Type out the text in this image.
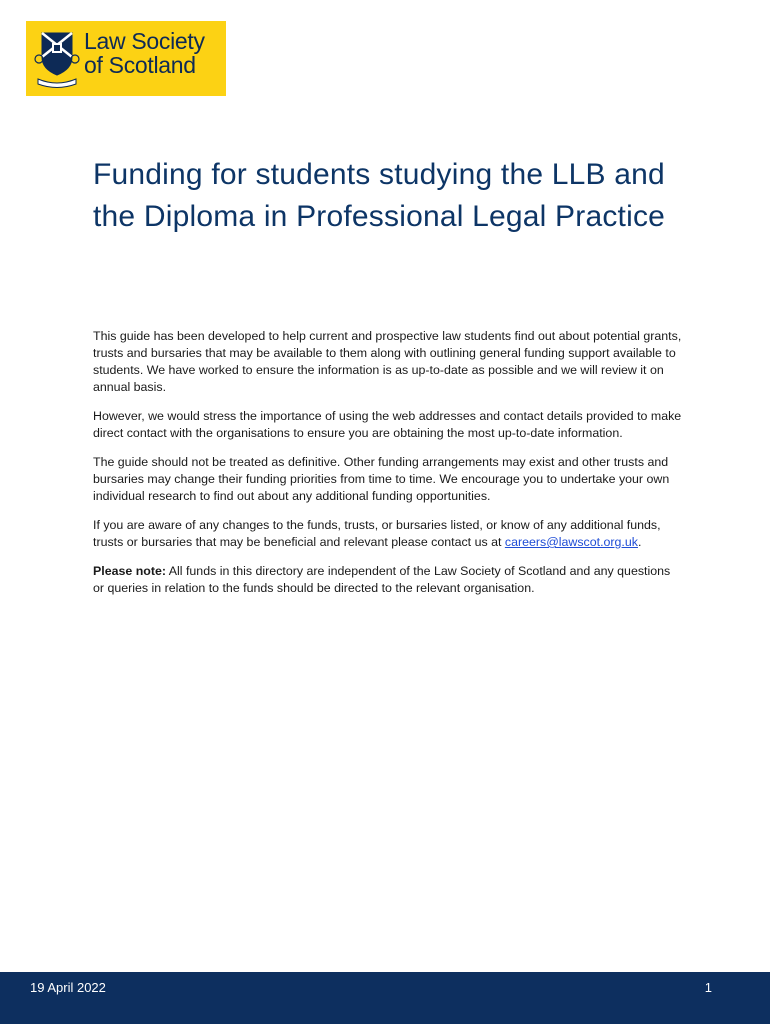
Law Society
of Scotland
Funding for students studying the LLB and the Diploma in Professional Legal Practice

This guide has been developed to help current and prospective law students find out about potential grants, trusts and bursaries that may be available to them along with outlining general funding support available to students. We have worked to ensure the information is as up-to-date as possible and we will review it on annual basis.

However, we would stress the importance of using the web addresses and contact details provided to make direct contact with the organisations to ensure you are obtaining the most up-to-date information.

The guide should not be treated as definitive. Other funding arrangements may exist and other trusts and bursaries may change their funding priorities from time to time. We encourage you to undertake your own individual research to find out about any additional funding opportunities.

If you are aware of any changes to the funds, trusts, or bursaries listed, or know of any additional funds, trusts or bursaries that may be beneficial and relevant please contact us at careers@lawscot.org.uk.

Please note: All funds in this directory are independent of the Law Society of Scotland and any questions or queries in relation to the funds should be directed to the relevant organisation.

19 April 2022	1
